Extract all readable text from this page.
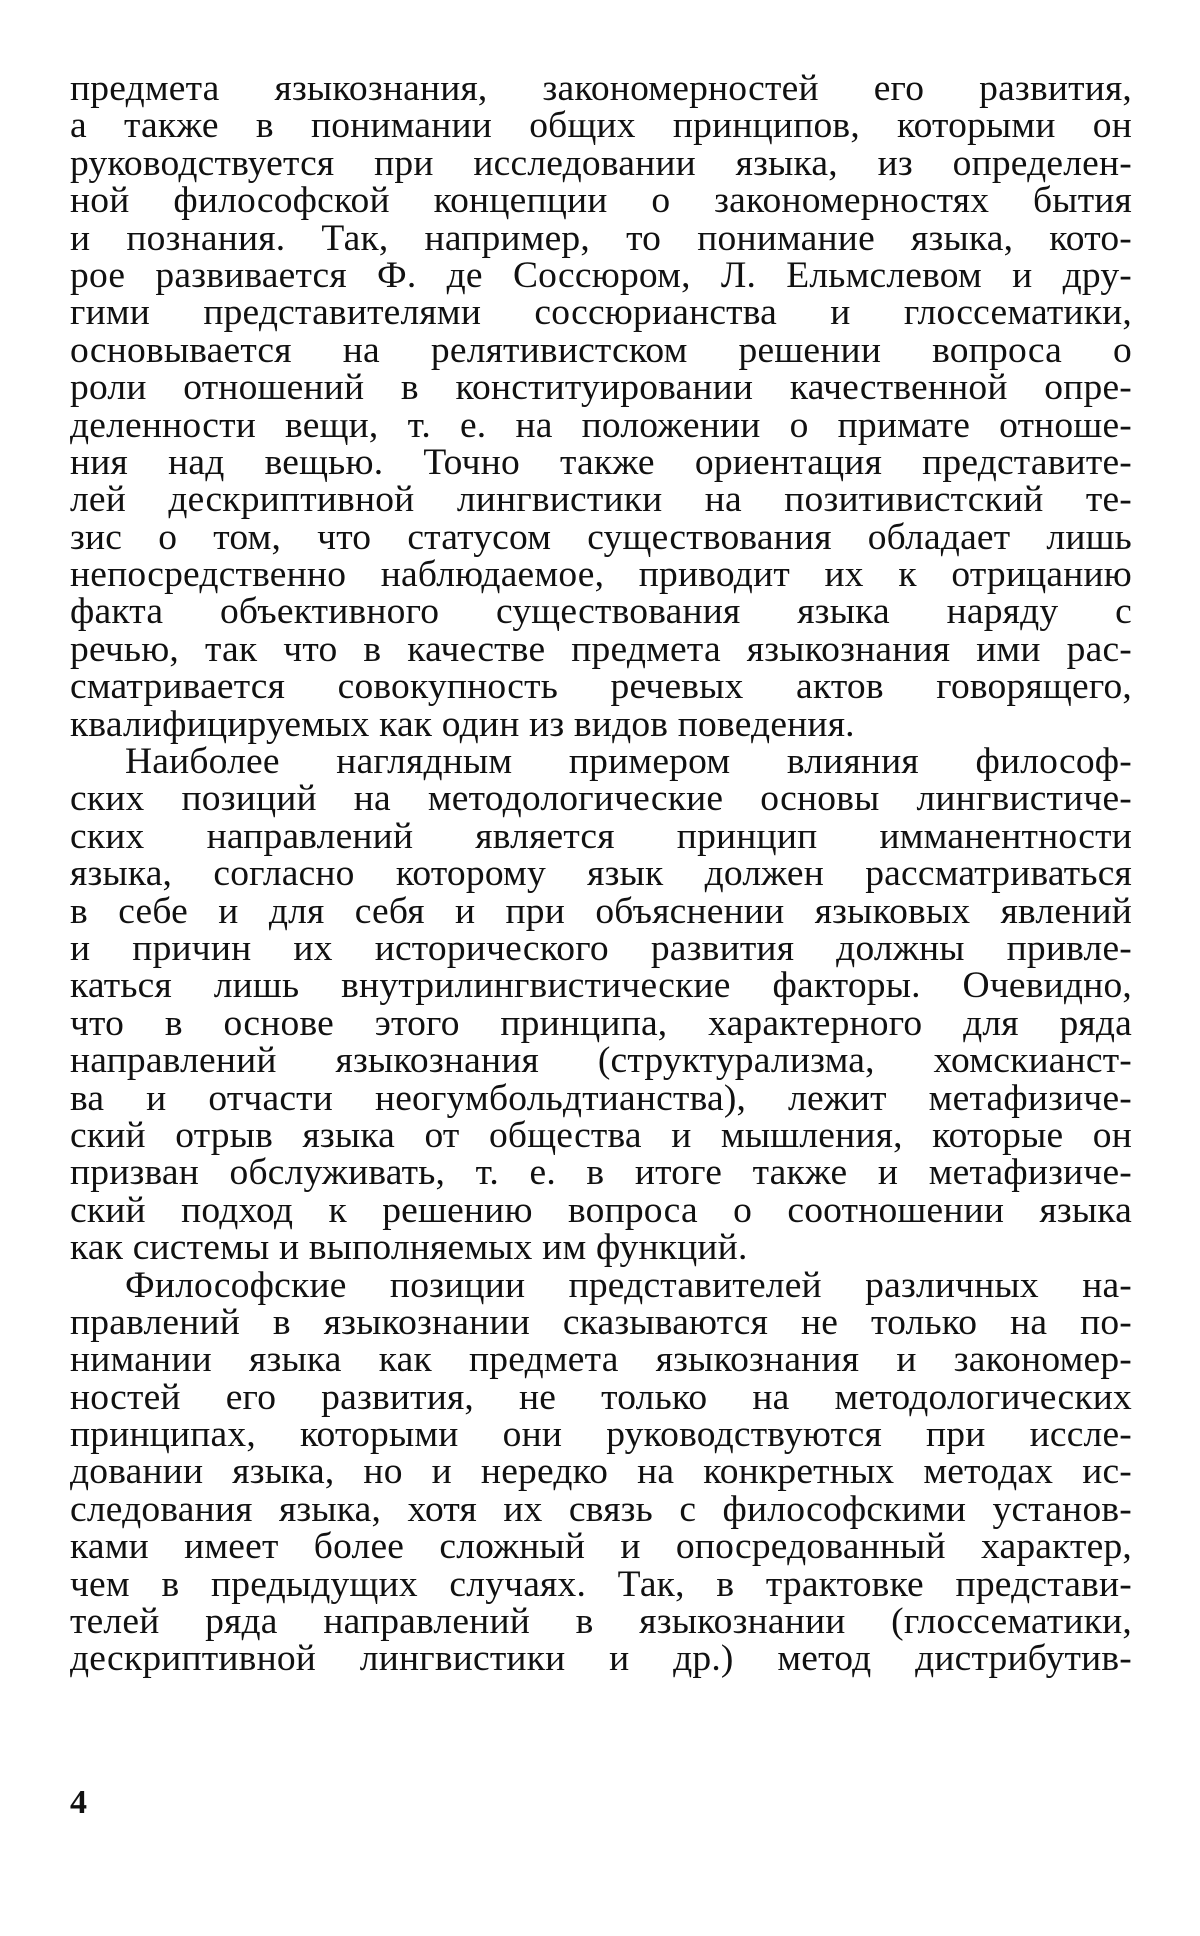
предмета языкознания, закономерностей его развития,
а также в понимании общих принципов, которыми он
руководствуется при исследовании языка, из определен-
ной философской концепции о закономерностях бытия
и познания. Так, например, то понимание языка, кото-
рое развивается Ф. де Соссюром, Л. Ельмслевом и дру-
гими представителями соссюрианства и глоссематики,
основывается на релятивистском решении вопроса о
роли отношений в конституировании качественной опре-
деленности вещи, т. е. на положении о примате отноше-
ния над вещью. Точно также ориентация представите-
лей дескриптивной лингвистики на позитивистский те-
зис о том, что статусом существования обладает лишь
непосредственно наблюдаемое, приводит их к отрицанию
факта объективного существования языка наряду с
речью, так что в качестве предмета языкознания ими рас-
сматривается совокупность речевых актов говорящего,
квалифицируемых как один из видов поведения.
Наиболее наглядным примером влияния философ-
ских позиций на методологические основы лингвистиче-
ских направлений является принцип имманентности
языка, согласно которому язык должен рассматриваться
в себе и для себя и при объяснении языковых явлений
и причин их исторического развития должны привле-
каться лишь внутрилингвистические факторы. Очевидно,
что в основе этого принципа, характерного для ряда
направлений языкознания (структурализма, хомскианст-
ва и отчасти неогумбольдтианства), лежит метафизиче-
ский отрыв языка от общества и мышления, которые он
призван обслуживать, т. е. в итоге также и метафизиче-
ский подход к решению вопроса о соотношении языка
как системы и выполняемых им функций.
Философские позиции представителей различных на-
правлений в языкознании сказываются не только на по-
нимании языка как предмета языкознания и закономер-
ностей его развития, не только на методологических
принципах, которыми они руководствуются при иссле-
довании языка, но и нередко на конкретных методах ис-
следования языка, хотя их связь с философскими установ-
ками имеет более сложный и опосредованный характер,
чем в предыдущих случаях. Так, в трактовке представи-
телей ряда направлений в языкознании (глоссематики,
дескриптивной лингвистики и др.) метод дистрибутив-
4
